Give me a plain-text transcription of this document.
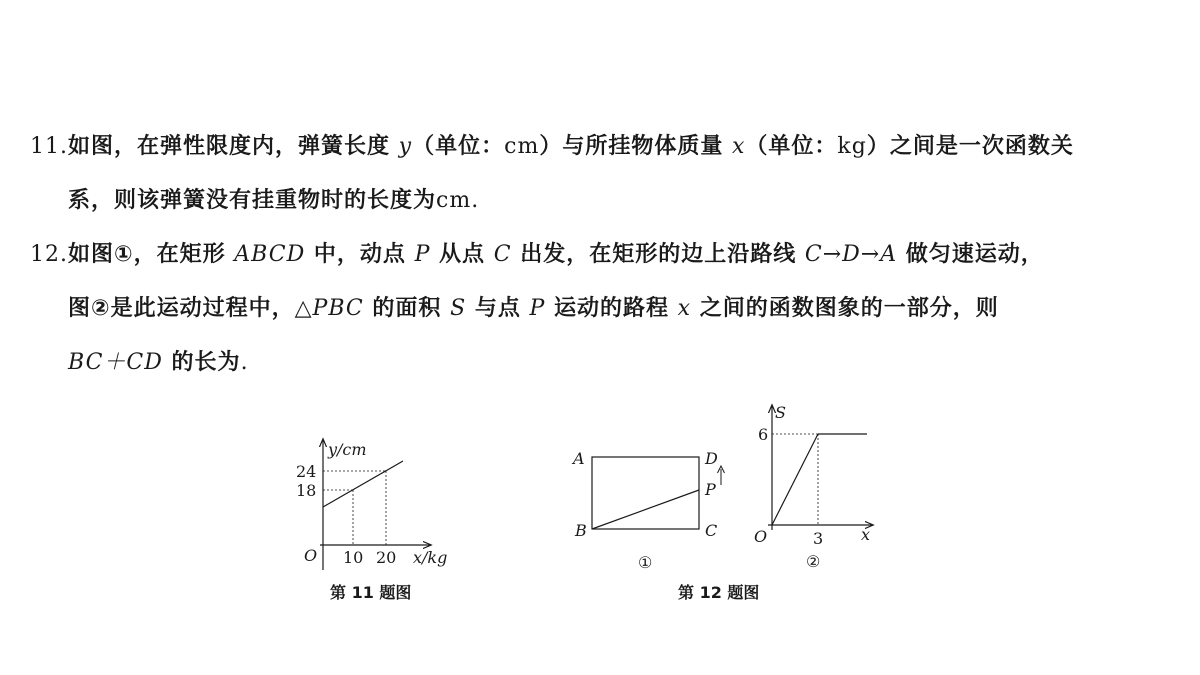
11.如图，在弹性限度内，弹簧长度 y（单位：cm）与所挂物体质量 x（单位：kg）之间是一次函数关
系，则该弹簧没有挂重物时的长度为cm.
12.如图①，在矩形 ABCD 中，动点 P 从点 C 出发，在矩形的边上沿路线 C→D→A 做匀速运动，
图②是此运动过程中，△PBC 的面积 S 与点 P 运动的路程 x 之间的函数图象的一部分，则
BC＋CD 的长为.
y/cm
24
18
O 10 20 x/kg
第 11 题图
A	D
P
B	C
①
S
6
O	3 x
②
第 12 题图
